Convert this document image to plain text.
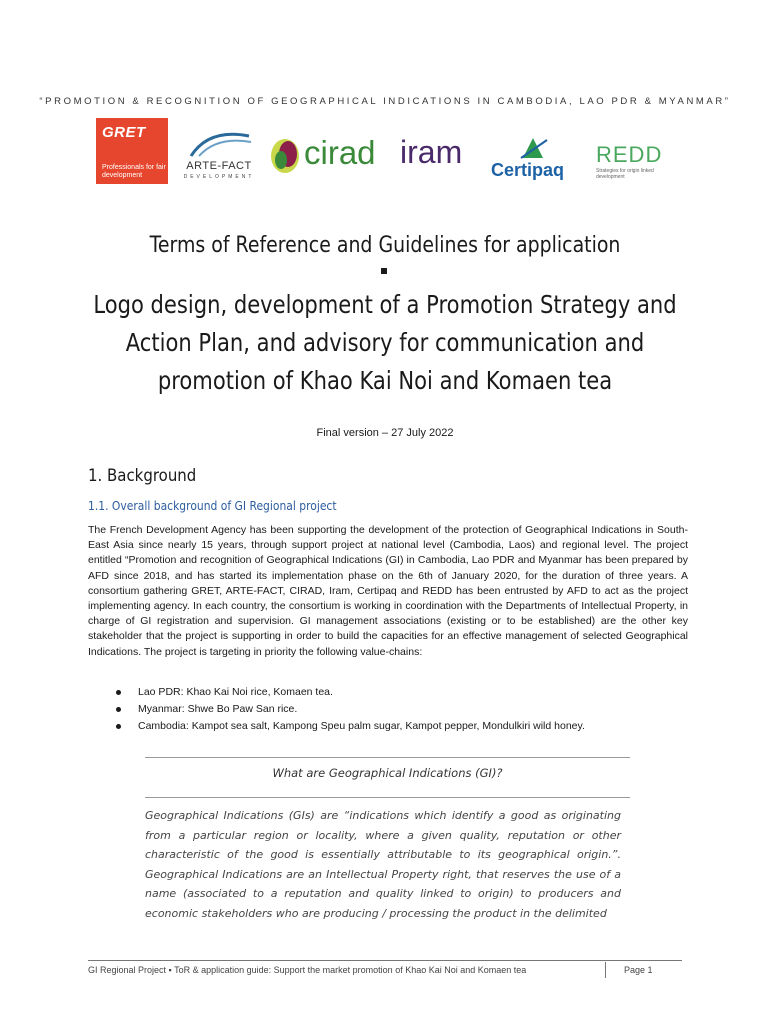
“PROMOTION & RECOGNITION OF GEOGRAPHICAL INDICATIONS IN CAMBODIA, LAO PDR & MYANMAR”
GRET
Professionals for fair development
ARTE-FACT
DEVELOPMENT
cirad iram Certipaq
REDD
Strategies for origin linked development
Terms of Reference and Guidelines for application
Logo design, development of a Promotion Strategy and Action Plan, and advisory for communication and promotion of Khao Kai Noi and Komaen tea
Final version – 27 July 2022
1. Background
1.1. Overall background of GI Regional project
The French Development Agency has been supporting the development of the protection of Geographical Indications in South-East Asia since nearly 15 years, through support project at national level (Cambodia, Laos) and regional level. The project entitled “Promotion and recognition of Geographical Indications (GI) in Cambodia, Lao PDR and Myanmar has been prepared by AFD since 2018, and has started its implementation phase on the 6th of January 2020, for the duration of three years. A consortium gathering GRET, ARTE-FACT, CIRAD, Iram, Certipaq and REDD has been entrusted by AFD to act as the project implementing agency. In each country, the consortium is working in coordination with the Departments of Intellectual Property, in charge of GI registration and supervision. GI management associations (existing or to be established) are the other key stakeholder that the project is supporting in order to build the capacities for an effective management of selected Geographical Indications. The project is targeting in priority the following value-chains:
Lao PDR: Khao Kai Noi rice, Komaen tea.
Myanmar: Shwe Bo Paw San rice.
Cambodia: Kampot sea salt, Kampong Speu palm sugar, Kampot pepper, Mondulkiri wild honey.
What are Geographical Indications (GI)?
Geographical Indications (GIs) are “indications which identify a good as originating from a particular region or locality, where a given quality, reputation or other characteristic of the good is essentially attributable to its geographical origin.”. Geographical Indications are an Intellectual Property right, that reserves the use of a name (associated to a reputation and quality linked to origin) to producers and economic stakeholders who are producing / processing the product in the delimited
GI Regional Project ▪ ToR & application guide: Support the market promotion of Khao Kai Noi and Komaen tea	Page 1
